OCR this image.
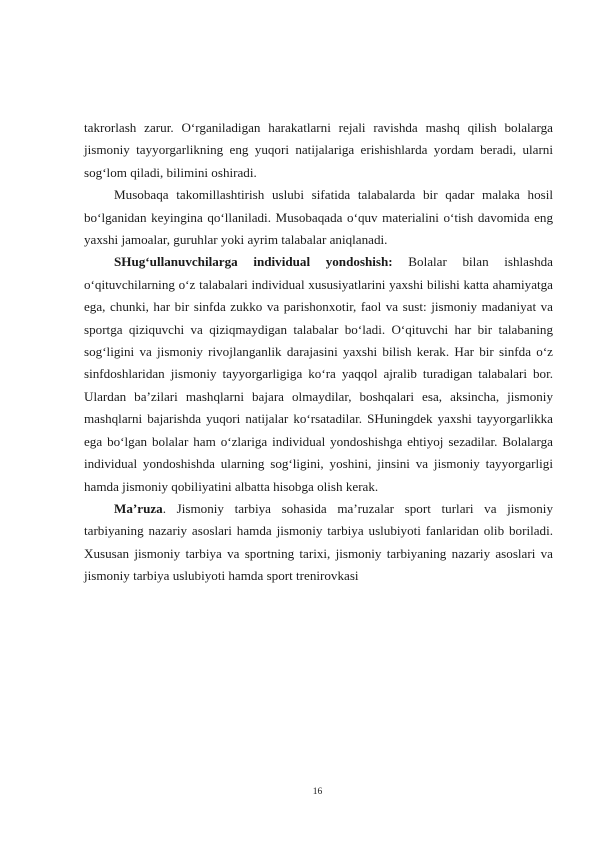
takrorlash zarur. O‘rganiladigan harakatlarni rejali ravishda mashq qilish bolalarga jismoniy tayyorgarlikning eng yuqori natijalariga erishishlarda yordam beradi, ularni sog‘lom qiladi, bilimini oshiradi.

Musobaqa takomillashtirish uslubi sifatida talabalarda bir qadar malaka hosil bo‘lganidan keyingina qo‘llaniladi. Musobaqada o‘quv materialini o‘tish davomida eng yaxshi jamoalar, guruhlar yoki ayrim talabalar aniqlanadi.

SHug‘ullanuvchilarga individual yondoshish: Bolalar bilan ishlashda o‘qituvchilarning o‘z talabalari individual xususiyatlarini yaxshi bilishi katta ahamiyatga ega, chunki, har bir sinfda zukko va parishonxotir, faol va sust: jismoniy madaniyat va sportga qiziquvchi va qiziqmaydigan talabalar bo‘ladi. O‘qituvchi har bir talabaning sog‘ligini va jismoniy rivojlanganlik darajasini yaxshi bilish kerak. Har bir sinfda o‘z sinfdoshlaridan jismoniy tayyorgarligiga ko‘ra yaqqol ajralib turadigan talabalari bor. Ulardan ba’zilari mashqlarni bajara olmaydilar, boshqalari esa, aksincha, jismoniy mashqlarni bajarishda yuqori natijalar ko‘rsatadilar. SHuningdek yaxshi tayyorgarlikka ega bo‘lgan bolalar ham o‘zlariga individual yondoshishga ehtiyoj sezadilar. Bolalarga individual yondoshishda ularning sog‘ligini, yoshini, jinsini va jismoniy tayyorgarligi hamda jismoniy qobiliyatini albatta hisobga olish kerak.

Ma’ruza. Jismoniy tarbiya sohasida ma’ruzalar sport turlari va jismoniy tarbiyaning nazariy asoslari hamda jismoniy tarbiya uslubiyoti fanlaridan olib boriladi. Xususan jismoniy tarbiya va sportning tarixi, jismoniy tarbiyaning nazariy asoslari va jismoniy tarbiya uslubiyoti hamda sport trenirovkasi

16
